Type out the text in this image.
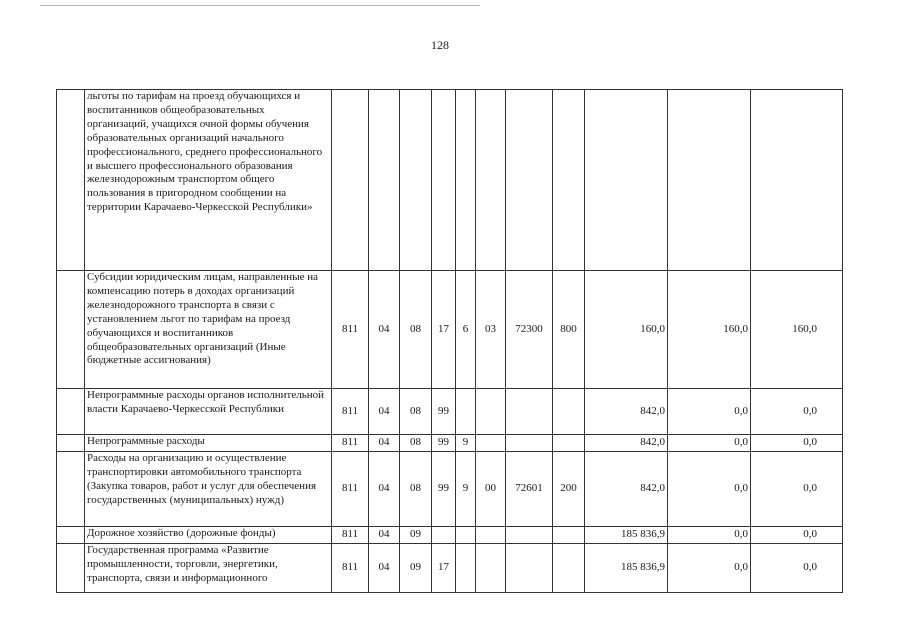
128
	льготы по тарифам на проезд обучающихся и воспитанников общеобразовательных организаций, учащихся очной формы обучения образовательных организаций начального профессионального, среднего профессионального и высшего профессионального образования железнодорожным транспортом общего пользования в пригородном сообщении на территории Карачаево-Черкесской Республики»											
	Субсидии юридическим лицам, направленные на компенсацию потерь в доходах организаций железнодорожного транспорта в связи с установлением льгот по тарифам на проезд обучающихся и воспитанников общеобразовательных организаций (Иные бюджетные ассигнования)	811	04	08	17	6	03	72300	800	160,0	160,0	160,0
	Непрограммные расходы органов исполнительной власти Карачаево-Черкесской Республики	811	04	08	99					842,0	0,0	0,0
	Непрограммные расходы	811	04	08	99	9				842,0	0,0	0,0
	Расходы на организацию и осуществление транспортировки автомобильного транспорта (Закупка товаров, работ и услуг для обеспечения государственных (муниципальных) нужд)	811	04	08	99	9	00	72601	200	842,0	0,0	0,0
	Дорожное хозяйство (дорожные фонды)	811	04	09						185 836,9	0,0	0,0
	Государственная программа «Развитие промышленности, торговли, энергетики, транспорта, связи и информационного	811	04	09	17					185 836,9	0,0	0,0
